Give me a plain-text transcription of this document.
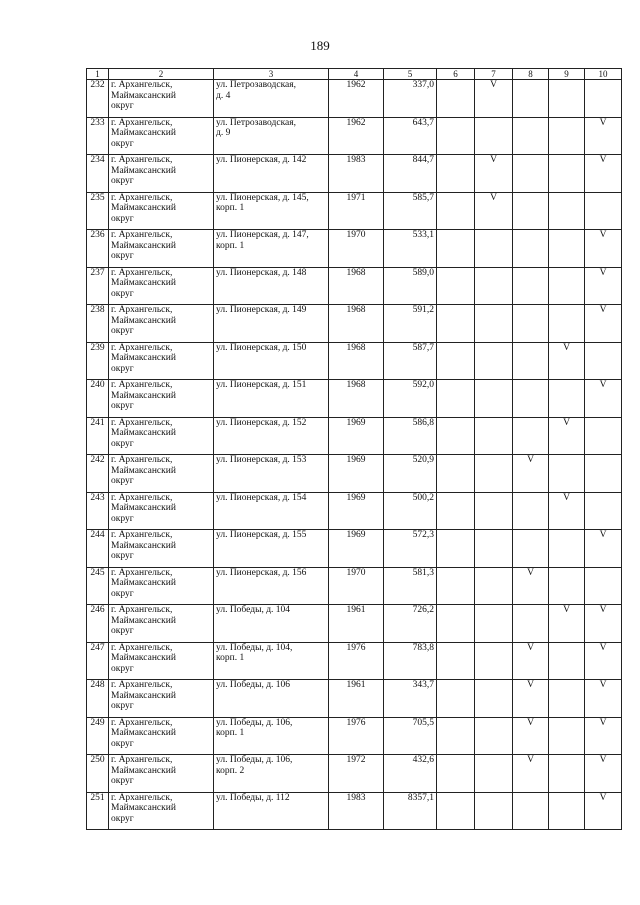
189
1	2	3	4	5	6	7	8	9	10
232	г. Архангельск,
Маймаксанский
округ	ул. Петрозаводская,
д. 4	1962	337,0		V			
233	г. Архангельск,
Маймаксанский
округ	ул. Петрозаводская,
д. 9	1962	643,7					V
234	г. Архангельск,
Маймаксанский
округ	ул. Пионерская, д. 142	1983	844,7		V			V
235	г. Архангельск,
Маймаксанский
округ	ул. Пионерская, д. 145,
корп. 1	1971	585,7		V			
236	г. Архангельск,
Маймаксанский
округ	ул. Пионерская, д. 147,
корп. 1	1970	533,1					V
237	г. Архангельск,
Маймаксанский
округ	ул. Пионерская, д. 148	1968	589,0					V
238	г. Архангельск,
Маймаксанский
округ	ул. Пионерская, д. 149	1968	591,2					V
239	г. Архангельск,
Маймаксанский
округ	ул. Пионерская, д. 150	1968	587,7				V	
240	г. Архангельск,
Маймаксанский
округ	ул. Пионерская, д. 151	1968	592,0					V
241	г. Архангельск,
Маймаксанский
округ	ул. Пионерская, д. 152	1969	586,8				V	
242	г. Архангельск,
Маймаксанский
округ	ул. Пионерская, д. 153	1969	520,9			V		
243	г. Архангельск,
Маймаксанский
округ	ул. Пионерская, д. 154	1969	500,2				V	
244	г. Архангельск,
Маймаксанский
округ	ул. Пионерская, д. 155	1969	572,3					V
245	г. Архангельск,
Маймаксанский
округ	ул. Пионерская, д. 156	1970	581,3			V		
246	г. Архангельск,
Маймаксанский
округ	ул. Победы, д. 104	1961	726,2				V	V
247	г. Архангельск,
Маймаксанский
округ	ул. Победы, д. 104,
корп. 1	1976	783,8			V		V
248	г. Архангельск,
Маймаксанский
округ	ул. Победы, д. 106	1961	343,7			V		V
249	г. Архангельск,
Маймаксанский
округ	ул. Победы, д. 106,
корп. 1	1976	705,5			V		V
250	г. Архангельск,
Маймаксанский
округ	ул. Победы, д. 106,
корп. 2	1972	432,6			V		V
251	г. Архангельск,
Маймаксанский
округ	ул. Победы, д. 112	1983	8357,1					V
